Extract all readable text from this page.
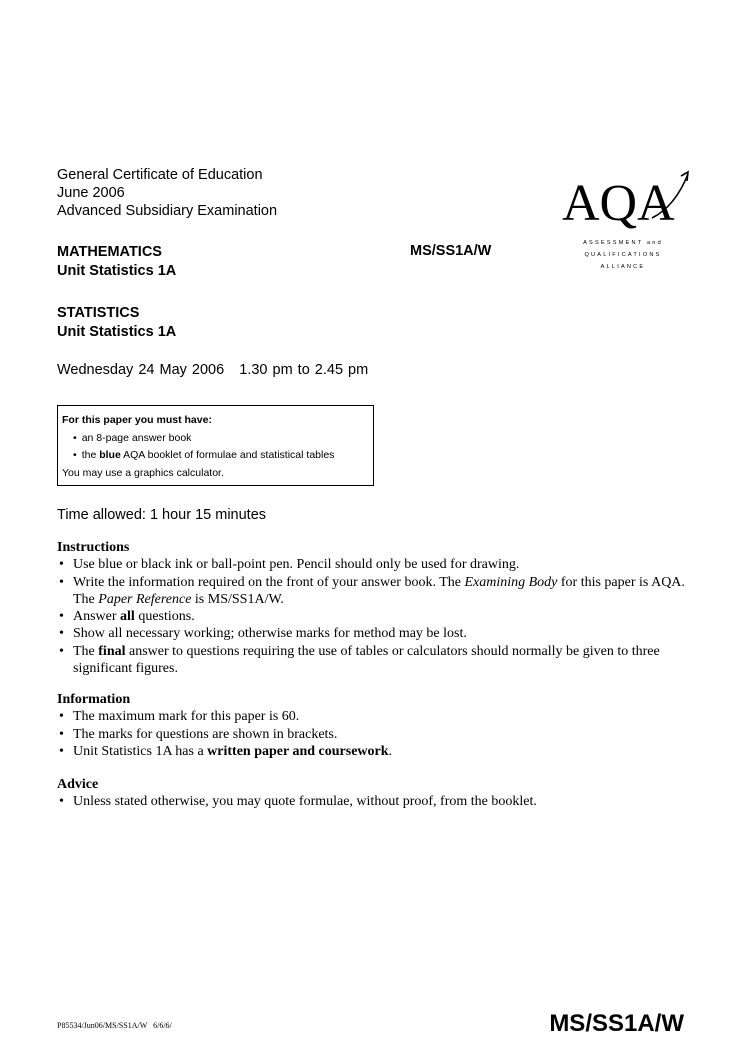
General Certificate of Education
June 2006
Advanced Subsidiary Examination	AQA
ASSESSMENT and
QUALIFICATIONS
ALLIANCE
MATHEMATICS
Unit Statistics 1A
MS/SS1A/W
STATISTICS
Unit Statistics 1A
Wednesday 24 May 2006   1.30 pm to 2.45 pm
For this paper you must have:
• an 8-page answer book
• the blue AQA booklet of formulae and statistical tables
You may use a graphics calculator.
Time allowed: 1 hour 15 minutes
Instructions
• Use blue or black ink or ball-point pen. Pencil should only be used for drawing.
• Write the information required on the front of your answer book. The Examining Body for this paper is AQA. The Paper Reference is MS/SS1A/W.
• Answer all questions.
• Show all necessary working; otherwise marks for method may be lost.
• The final answer to questions requiring the use of tables or calculators should normally be given to three significant figures.
Information
• The maximum mark for this paper is 60.
• The marks for questions are shown in brackets.
• Unit Statistics 1A has a written paper and coursework.
Advice
• Unless stated otherwise, you may quote formulae, without proof, from the booklet.
P85534/Jun06/MS/SS1A/W   6/6/6/	MS/SS1A/W
